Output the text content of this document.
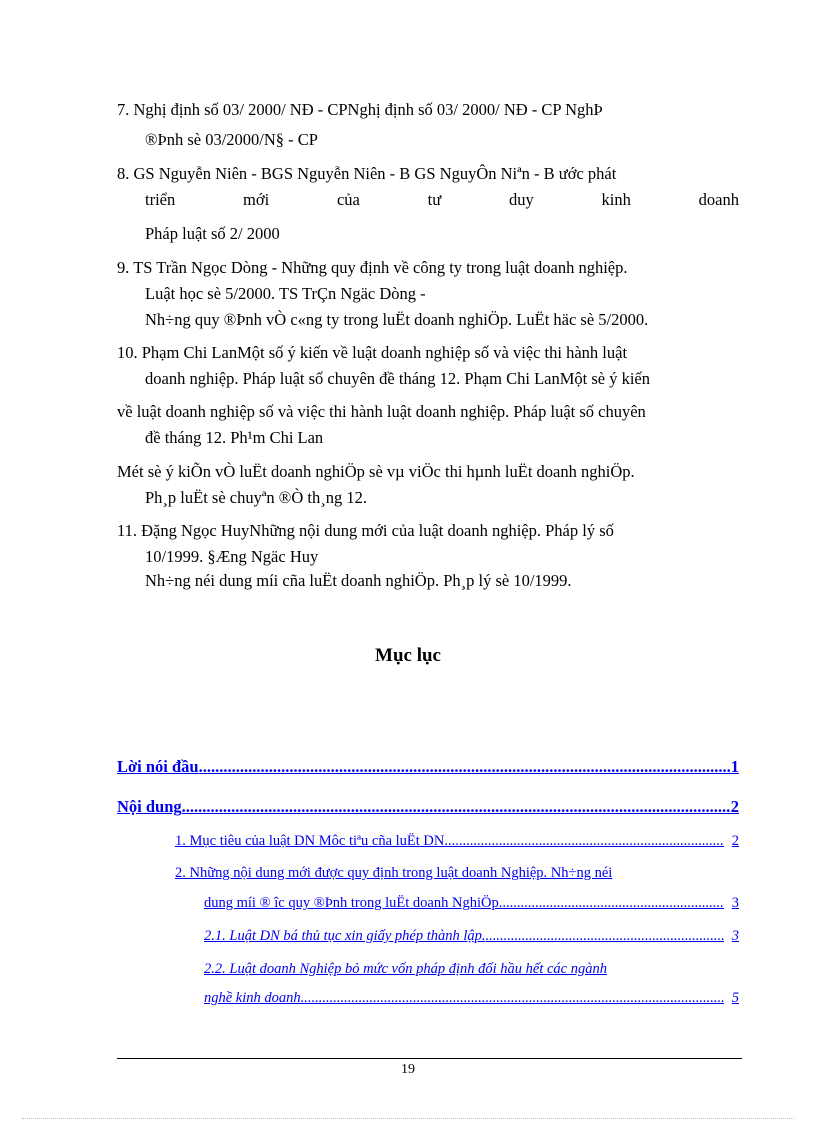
7. Nghị định số 03/ 2000/ NĐ - CPNghị định số 03/ 2000/ NĐ - CP NghÞ
®Þnh sè 03/2000/N§ - CP
8. GS Nguyễn Niên - BGS Nguyễn Niên - B GS NguyÔn Niªn - B ước phát
triển	mới	của	tư	duy	kinh	doanh
Pháp luật số 2/ 2000
9. TS Trần Ngọc Dòng - Những quy định về công ty trong luật doanh nghiệp.
Luật học sè 5/2000. TS TrÇn Ngäc Dòng -
Nh÷ng quy ®Þnh vÒ c«ng ty trong luËt doanh nghiÖp. LuËt häc sè 5/2000.
10. Phạm Chi LanMột số ý kiến về luật doanh nghiệp số và việc thi hành luật
doanh nghiệp. Pháp luật số chuyên đề tháng 12. Phạm Chi LanMột sè ý kiến
về luật doanh nghiệp số và việc thi hành luật doanh nghiệp. Pháp luật số chuyên
đề tháng 12. Ph¹m Chi Lan
Mét sè ý kiÕn vÒ luËt doanh nghiÖp sè vµ viÖc thi hµnh luËt doanh nghiÖp.
Ph¸p luËt sè chuyªn ®Ò th¸ng 12.
11. Đặng Ngọc HuyNhững nội dung mới của luật doanh nghiệp. Pháp lý số
10/1999. §Æng Ngäc Huy
Nh÷ng néi dung míi cña luËt doanh nghiÖp. Ph¸p lý sè 10/1999.
Mục lục
Lời nói đầu .....	1
Nội dung .....	2
1. Mục tiêu của luật DN Môc tiªu cña luËt DN .....	2
2. Những nội dung mới được quy định trong luật doanh Nghiệp. Nh÷ng néi
dung míi ® îc quy ®Þnh trong luËt doanh NghiÖp. .....	3
2.1. Luật DN bá thủ tục xin giấy phép thành lập. .....	3
2.2. Luật doanh Nghiệp bỏ mức vốn pháp định đối hầu hết các ngành
nghề kinh doanh. .....	5
19
